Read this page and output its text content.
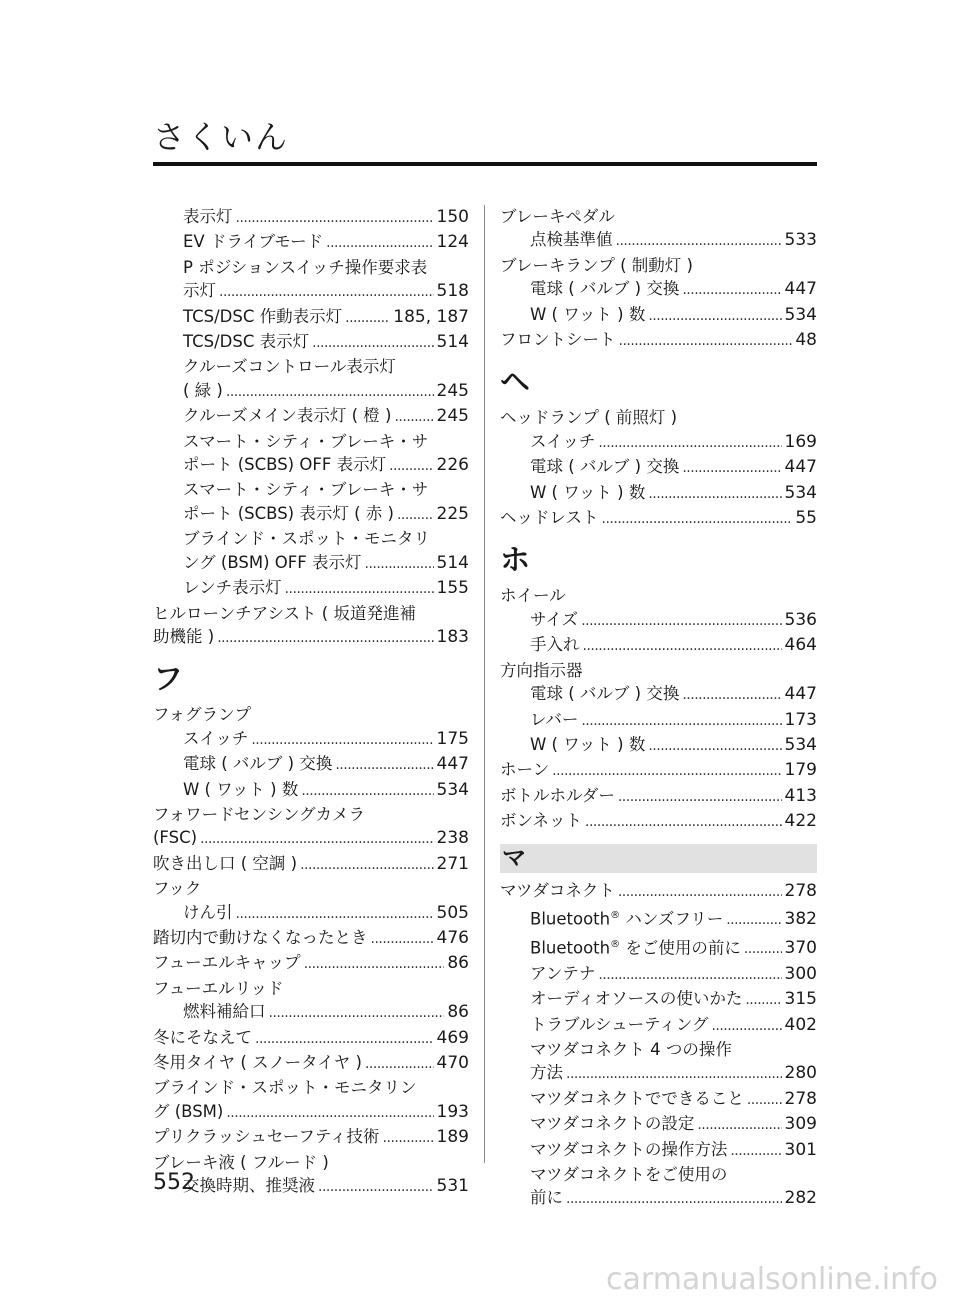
さくいん
表示灯 .....	150
EV ドライブモード .....	124
P ポジションスイッチ操作要求表
示灯 .....	518
TCS/DSC 作動表示灯 .....	185, 187
TCS/DSC 表示灯 .....	514
クルーズコントロール表示灯
( 緑 ) .....	245
クルーズメイン表示灯 ( 橙 ) .....	245
スマート・シティ・ブレーキ・サ
ポート (SCBS) OFF 表示灯 .....	226
スマート・シティ・ブレーキ・サ
ポート (SCBS) 表示灯 ( 赤 ) .....	225
ブラインド・スポット・モニタリ
ング (BSM) OFF 表示灯 .....	514
レンチ表示灯 .....	155
ヒルローンチアシスト ( 坂道発進補
助機能 ) .....	183
フ
フォグランプ
スイッチ .....	175
電球 ( バルブ ) 交換 .....	447
W ( ワット ) 数 .....	534
フォワードセンシングカメラ
(FSC) .....	238
吹き出し口 ( 空調 ) .....	271
フック
けん引 .....	505
踏切内で動けなくなったとき .....	476
フューエルキャップ .....	86
フューエルリッド
燃料補給口 .....	86
冬にそなえて .....	469
冬用タイヤ ( スノータイヤ ) .....	470
ブラインド・スポット・モニタリン
グ (BSM) .....	193
プリクラッシュセーフティ技術 .....	189
ブレーキ液 ( フルード )
交換時期、推奨液 .....	531
ブレーキペダル
点検基準値 .....	533
ブレーキランプ ( 制動灯 )
電球 ( バルブ ) 交換 .....	447
W ( ワット ) 数 .....	534
フロントシート .....	48
ヘ
ヘッドランプ ( 前照灯 )
スイッチ .....	169
電球 ( バルブ ) 交換 .....	447
W ( ワット ) 数 .....	534
ヘッドレスト .....	55
ホ
ホイール
サイズ .....	536
手入れ .....	464
方向指示器
電球 ( バルブ ) 交換 .....	447
レバー .....	173
W ( ワット ) 数 .....	534
ホーン .....	179
ボトルホルダー .....	413
ボンネット .....	422
マ
マツダコネクト .....	278
Bluetooth® ハンズフリー .....	382
Bluetooth® をご使用の前に .....	370
アンテナ .....	300
オーディオソースの使いかた ..... 315
トラブルシューティング .....	402
マツダコネクト 4 つの操作
方法 .....	280
マツダコネクトでできること ..... 278
マツダコネクトの設定 .....	309
マツダコネクトの操作方法 .....	301
マツダコネクトをご使用の
前に .....	282
552
carmanualsonline.info
